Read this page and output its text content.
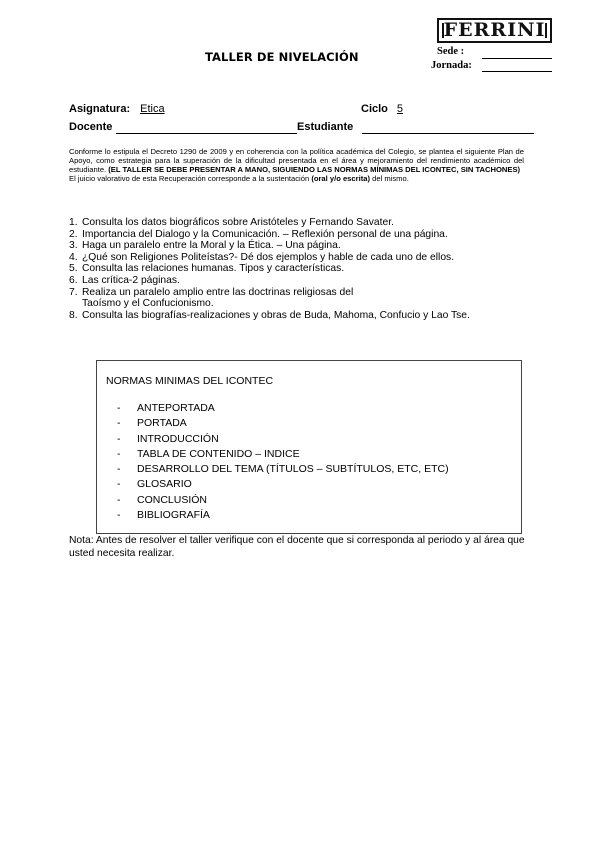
TALLER DE NIVELACIÓN
FERRINI
Sede :
Jornada:
Asignatura: Etica	Ciclo 5
Docente	Estudiante
Conforme lo estipula el Decreto 1290 de 2009 y en coherencia con la política académica del Colegio, se plantea el siguiente Plan de Apoyo, como estrategia para la superación de la dificultad presentada en el área y mejoramiento del rendimiento académico del estudiante. (EL TALLER SE DEBE PRESENTAR A MANO, SIGUIENDO LAS NORMAS MÍNIMAS DEL ICONTEC, SIN TACHONES)
El juicio valorativo de esta Recuperación corresponde a la sustentación (oral y/o escrita) del mismo.
1. Consulta los datos biográficos sobre Aristóteles y Fernando Savater.
2. Importancia del Dialogo y la Comunicación. – Reflexión personal de una página.
3. Haga un paralelo entre la Moral y la Ética. – Una página.
4. ¿Qué son Religiones Politeístas?- Dé dos ejemplos y hable de cada uno de ellos.
5. Consulta las relaciones humanas. Tipos y características.
6. Las crítica-2 páginas.
7. Realiza un paralelo amplio entre las doctrinas religiosas del Taoísmo y el Confucionismo.
8. Consulta las biografías-realizaciones y obras de Buda, Mahoma, Confucio y Lao Tse.
NORMAS MINIMAS DEL ICONTEC
- ANTEPORTADA
- PORTADA
- INTRODUCCIÓN
- TABLA DE CONTENIDO – INDICE
- DESARROLLO DEL TEMA (TÍTULOS – SUBTÍTULOS, ETC, ETC)
- GLOSARIO
- CONCLUSIÓN
- BIBLIOGRAFÍA
Nota: Antes de resolver el taller verifique con el docente que si corresponda al periodo y al área que usted necesita realizar.
